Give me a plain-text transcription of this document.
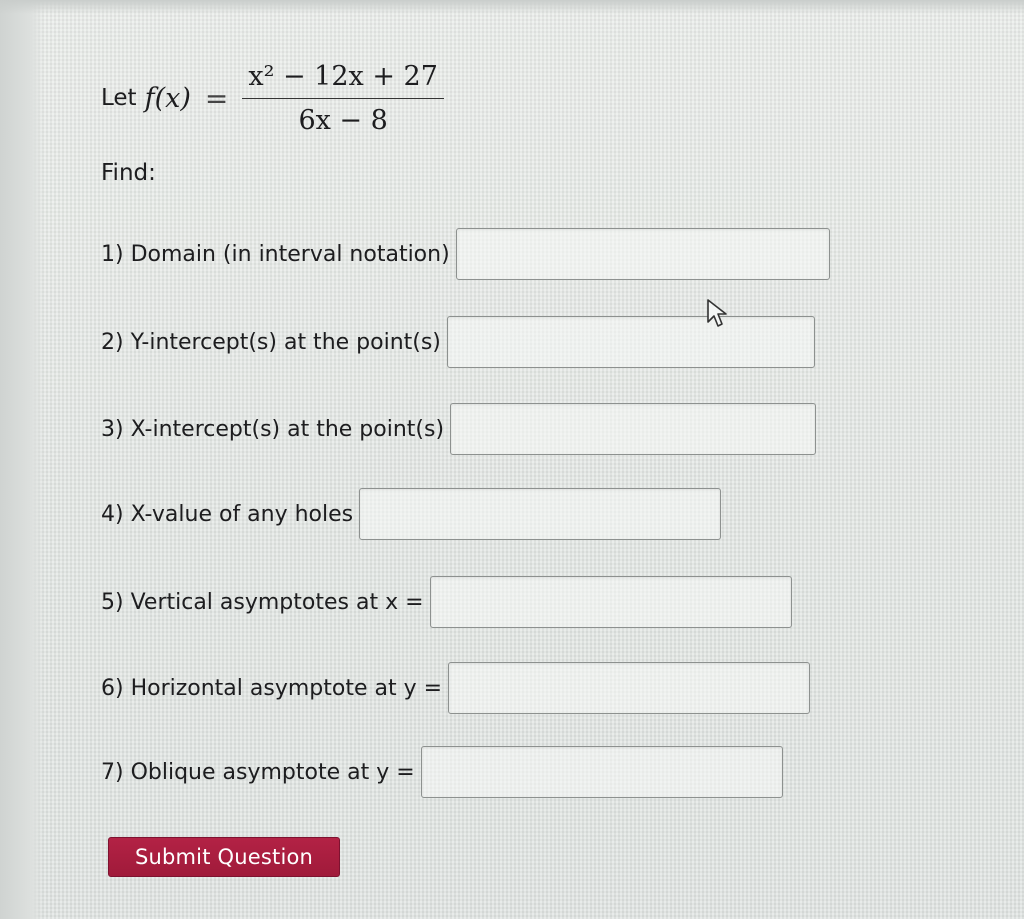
Let $f(x) = \frac{\text{x² − 12x + 27}}{6x - 8}$
Find:
1) Domain (in interval notation)
2) Y-intercept(s) at the point(s)
3) X-intercept(s) at the point(s)
4) X-value of any holes
5) Vertical asymptotes at x =
6) Horizontal asymptote at y =
7) Oblique asymptote at y =
Submit Question
